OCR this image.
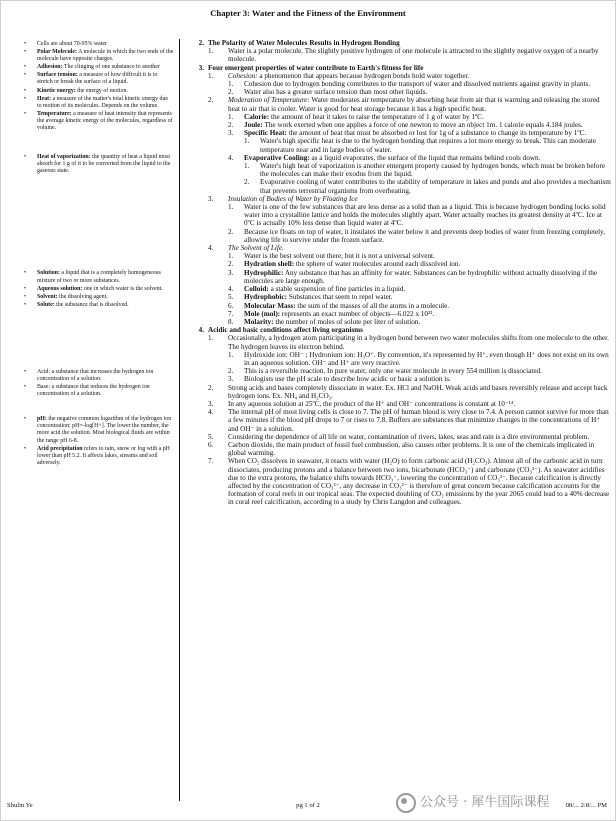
Chapter 3: Water and the Fitness of the Environment
• Cells are about 70-95% water
• Polar Molecule: A molecule in which the two ends of the molecule have opposite charges.
• Adhesion: The clinging of one substance to another
• Surface tension: a measure of how difficult it is to stretch or break the surface of a liquid.
• Kinetic energy: the energy of motion.
• Heat: a measure of the matter's total kinetic energy due to motion of its molecules. Depends on the volume.
• Temperature: a measure of heat intensity that represents the average kinetic energy of the molecules, regardless of volume.
• Heat of vaporization: the quantity of heat a liquid must absorb for 1 g of it to be converted from the liquid to the gaseous state.
• Solution: a liquid that is a completely homogeneous mixture of two or more substances.
• Aqueous solution: one in which water is the solvent.
• Solvent: the dissolving agent.
• Solute: the substance that is dissolved.
• Acid: a substance that increases the hydrogen ion concentration of a solution.
• Base: a substance that reduces the hydrogen ion concentration of a solution.
• pH: the negative common logarithm of the hydrogen ion concentration: pH=-log[H+]. The lower the number, the more acid the solution. Most biological fluids are within the range pH 6-8.
• Acid precipitation refers to rain, snow or fog with a pH lower than pH 5.2. It affects lakes, streams and soil adversely.
2. The Polarity of Water Molecules Results in Hydrogen Bonding
1. Water is a polar molecule. The slightly positive hydrogen of one molecule is attracted to the slightly negative oxygen of a nearby molecule.
3. Four emergent properties of water contribute to Earth's fitness for life
1. Cohesion: a phenomenon that appears because hydrogen bonds hold water together.
1. Cohesion due to hydrogen bonding contributes to the transport of water and dissolved nutrients against gravity in plants.
2. Water also has a greater surface tension than most other liquids.
2. Moderation of Temperature: Water moderates air temperature by absorbing heat from air that is warming and releasing the stored heat to air that is cooler. Water is good for heat storage because it has a high specific heat.
1. Calorie: the amount of heat it takes to raise the temperature of 1 g of water by 1ºC.
2. Joule: The work exerted when one applies a force of one newton to move an object 1m. 1 calorie equals 4.184 joules.
3. Specific Heat: the amount of heat that must be absorbed or lost for 1g of a substance to change its temperature by 1ºC.
1. Water's high specific heat is due to the hydrogen bonding that requires a lot more energy to break. This can moderate temperature near and in large bodies of water.
4. Evaporative Cooling: as a liquid evaporates, the surface of the liquid that remains behind cools down.
1. Water's high heat of vaporization is another emergent property caused by hydrogen bonds, which must be broken before the molecules can make their exodus from the liquid.
2. Evaporative cooling of water contributes to the stability of temperature in lakes and ponds and also provides a mechanism that prevents terrestrial organisms from overheating.
3. Insulation of Bodies of Water by Floating Ice
1. Water is one of the few substances that are less dense as a solid than as a liquid. This is because hydrogen bonding locks solid water into a crystalline lattice and holds the molecules slightly apart. Water actually reaches its greatest density at 4ºC. Ice at 0ºC is actually 10% less dense than liquid water at 4ºC.
2. Because ice floats on top of water, it insulates the water below it and prevents deep bodies of water from freezing completely, allowing life to survive under the frozen surface.
4. The Solvent of Life.
1. Water is the best solvent out there, but it is not a universal solvent.
2. Hydration shell: the sphere of water molecules around each dissolved ion.
3. Hydrophilic: Any substance that has an affinity for water. Substances can be hydrophilic without actually dissolving if the molecules are large enough.
4. Colloid: a stable suspension of fine particles in a liquid.
5. Hydrophobic: Substances that seem to repel water.
6. Molecular Mass: the sum of the masses of all the atoms in a molecule.
7. Mole (mol): represents an exact number of objects—6.022 x 10²³.
8. Molarity: the number of moles of solute per liter of solution.
4. Acidic and basic conditions affect living organisms
1. Occasionally, a hydrogen atom participating in a hydrogen bond between two water molecules shifts from one molecule to the other. The hydrogen leaves its electron behind.
1. Hydroxide ion: OH⁻ ; Hydronium ion: H₃O⁺. By convention, it's represented by H⁺, even though H⁺ does not exist on its own in an aqueous solution. OH⁻ and H⁺ are very reactive.
2. This is a reversible reaction. In pure water, only one water molecule in every 554 million is dissociated.
3. Biologists use the pH scale to describe how acidic or basic a solution is.
2. Strong acids and bases completely dissociate in water. Ex. HCl and NaOH. Weak acids and bases reversibly release and accept back hydrogen ions. Ex. NH₄ and H₂CO₃.
3. In any aqueous solution at 25ºC, the product of the H⁺ and OH⁻ concentrations is constant at 10⁻¹⁴.
4. The internal pH of most living cells is close to 7. The pH of human blood is very close to 7.4. A person cannot survive for more than a few minutes if the blood pH drops to 7 or rises to 7.8. Buffers are substances that minimize changes in the concentrations of H⁺ and OH⁻ in a solution.
5. Considering the dependence of all life on water, contamination of rivers, lakes, seas and rain is a dire environmental problem.
6. Carbon dioxide, the main product of fossil fuel combustion, also causes other problems. It is one of the chemicals implicated in global warming.
7. When CO₂ dissolves in seawater, it reacts with water (H₂O) to form carbonic acid (H₂CO₃). Almost all of the carbonic acid in turn dissociates, producing protons and a balance between two ions, bicarbonate (HCO₃⁻) and carbonate (CO₃²⁻). As seawater acidifies due to the extra protons, the balance shifts towards HCO₃⁻, lowering the concentration of CO₃²⁻. Because calcification is directly affected by the concentration of CO₃²⁻, any decrease in CO₃²⁻ is therefore of great concern because calcification accounts for the formation of coral reefs in our tropical seas. The expected doubling of CO₂ emissions by the year 2065 could lead to a 40% decrease in coral reef calcification, according to a study by Chris Langdon and colleagues.
Shulin Ye	pg 1 of 2	08/... 2:8/... PM
公众号 · 犀牛国际课程
